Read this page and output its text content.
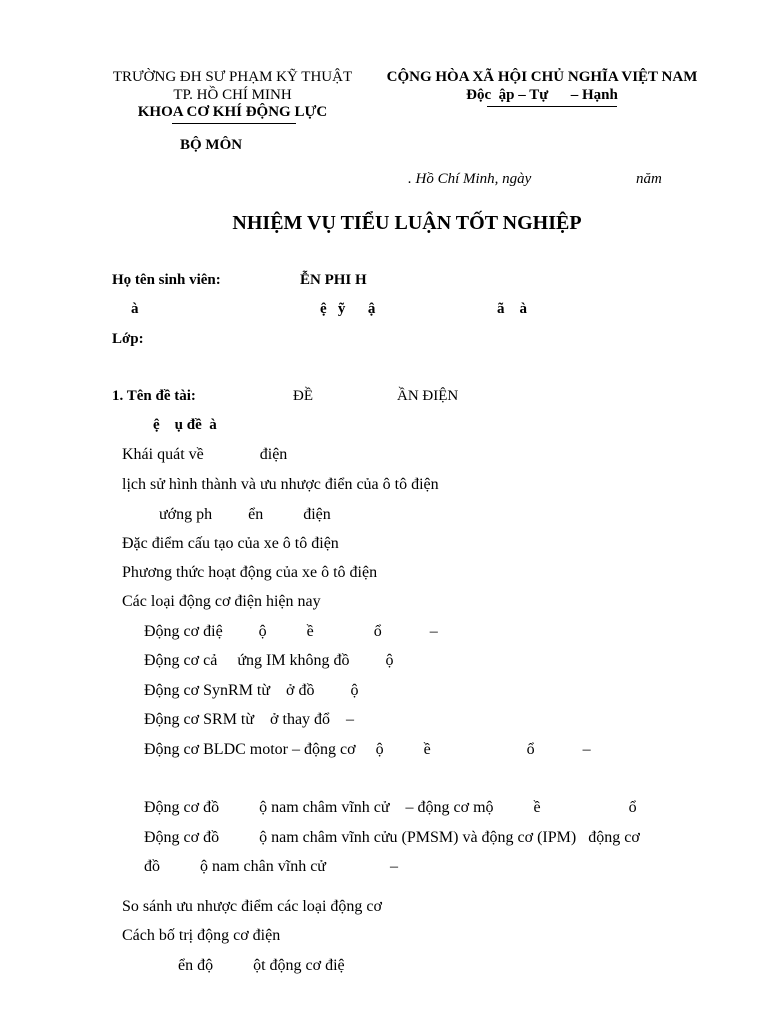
TRƯỜNG ĐH SƯ PHẠM KỸ THUẬT
TP. HỒ CHÍ MINH
KHOA CƠ KHÍ ĐỘNG LỰC
CỘNG HÒA XÃ HỘI CHỦ NGHĨA VIỆT NAM
Độc  ập – Tự      – Hạnh
BỘ MÔN
. Hồ Chí Minh, ngày	năm
NHIỆM VỤ TIỂU LUẬN TỐT NGHIỆP
Họ tên sinh viên:	ỄN PHI H
à	ệ   ỹ      ậ	ã    à
Lớp:
1. Tên đề tài:	ĐỀ	ẦN ĐIỆN
ệ    ụ đề  à
Khái quát về              điện
lịch sử hình thành và ưu nhược điển của ô tô điện
ướng ph         ển          điện
Đặc điểm cấu tạo của xe ô tô điện
Phương thức hoạt động của xe ô tô điện
Các loại động cơ điện hiện nay
Động cơ điệ         ộ          ề               ổ            –
Động cơ cả     ứng IM không đồ         ộ
Động cơ SynRM từ    ở đồ         ộ
Động cơ SRM từ    ở thay đổ    –
Động cơ BLDC motor – động cơ     ộ          ề                        ổ            –
Động cơ đồ          ộ nam châm vĩnh cử    – động cơ mộ          ề                      ổ
Động cơ đồ          ộ nam châm vĩnh cửu (PMSM) và động cơ (IPM)   động cơ
đồ          ộ nam chân vĩnh cử                –
So sánh ưu nhược điểm các loại động cơ
Cách bố trị động cơ điện
ển độ          ột động cơ điệ
